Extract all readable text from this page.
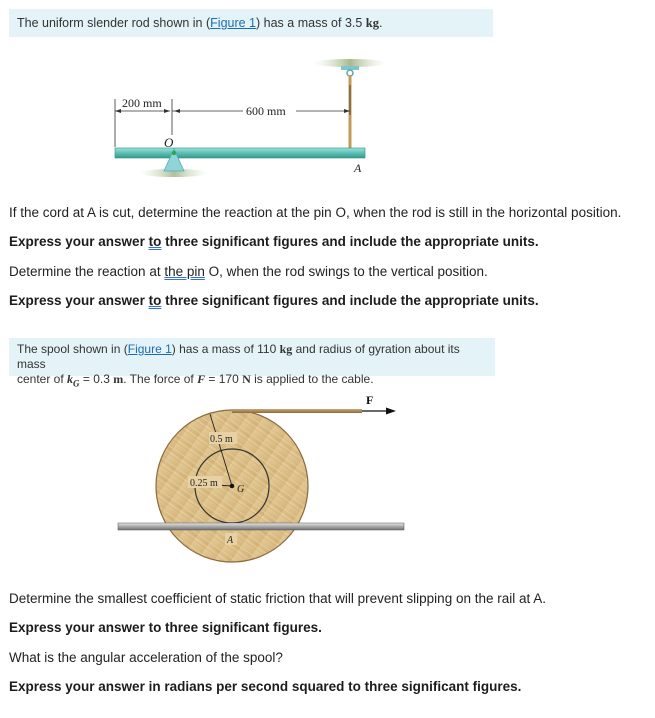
The uniform slender rod shown in (Figure 1) has a mass of 3.5 kg.
200 mm
600 mm
O
A
If the cord at A is cut, determine the reaction at the pin O, when the rod is still in the horizontal position.
Express your answer to three significant figures and include the appropriate units.
Determine the reaction at the pin O, when the rod swings to the vertical position.
Express your answer to three significant figures and include the appropriate units.
The spool shown in (Figure 1) has a mass of 110 kg and radius of gyration about its mass
center of $k_G = 0.3$ m. The force of F = 170 N is applied to the cable.
F
0.5 m
0.25 m
G
A
Determine the smallest coefficient of static friction that will prevent slipping on the rail at A.
Express your answer to three significant figures.
What is the angular acceleration of the spool?
Express your answer in radians per second squared to three significant figures.
